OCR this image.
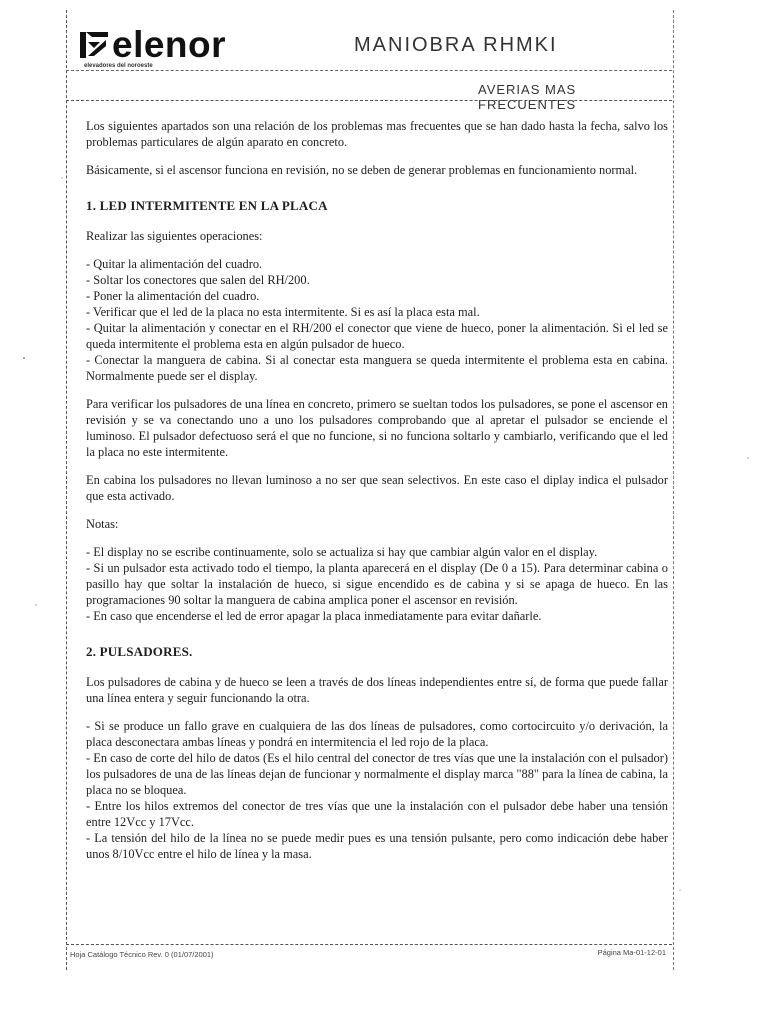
elenor
elevadores del noroeste
MANIOBRA RHMKI
AVERIAS MAS FRECUENTES

Los siguientes apartados son una relación de los problemas mas frecuentes que se han dado hasta la fecha, salvo los problemas particulares de algún aparato en concreto.

Básicamente, si el ascensor funciona en revisión, no se deben de generar problemas en funcionamiento normal.

1. LED INTERMITENTE EN LA PLACA

Realizar las siguientes operaciones:

- Quitar la alimentación del cuadro.
- Soltar los conectores que salen del RH/200.
- Poner la alimentación del cuadro.
- Verificar que el led de la placa no esta intermitente. Si es así la placa esta mal.
- Quitar la alimentación y conectar en el RH/200 el conector que viene de hueco, poner la alimentación. Si el led se queda intermitente el problema esta en algún pulsador de hueco.
- Conectar la manguera de cabina. Si al conectar esta manguera se queda intermitente el problema esta en cabina. Normalmente puede ser el display.

Para verificar los pulsadores de una línea en concreto, primero se sueltan todos los pulsadores, se pone el ascensor en revisión y se va conectando uno a uno los pulsadores comprobando que al apretar el pulsador se enciende el luminoso. El pulsador defectuoso será el que no funcione, si no funciona soltarlo y cambiarlo, verificando que el led la placa no este intermitente.

En cabina los pulsadores no llevan luminoso a no ser que sean selectivos. En este caso el diplay indica el pulsador que esta activado.

Notas:

- El display no se escribe continuamente, solo se actualiza si hay que cambiar algún valor en el display.
- Si un pulsador esta activado todo el tiempo, la planta aparecerá en el display (De 0 a 15). Para determinar cabina o pasillo hay que soltar la instalación de hueco, si sigue encendido es de cabina y si se apaga de hueco. En las programaciones 90 soltar la manguera de cabina amplica poner el ascensor en revisión.
- En caso que encenderse el led de error apagar la placa inmediatamente para evitar dañarle.
2. PULSADORES.

Los pulsadores de cabina y de hueco se leen a través de dos líneas independientes entre sí, de forma que puede fallar una línea entera y seguir funcionando la otra.

- Si se produce un fallo grave en cualquiera de las dos líneas de pulsadores, como cortocircuito y/o derivación, la placa desconectara ambas líneas y pondrá en intermitencia el led rojo de la placa.
- En caso de corte del hilo de datos (Es el hilo central del conector de tres vías que une la instalación con el pulsador) los pulsadores de una de las líneas dejan de funcionar y normalmente el display marca "88" para la línea de cabina, la placa no se bloquea.
- Entre los hilos extremos del conector de tres vías que une la instalación con el pulsador debe haber una tensión entre 12Vcc y 17Vcc.
- La tensión del hilo de la línea no se puede medir pues es una tensión pulsante, pero como indicación debe haber unos 8/10Vcc entre el hilo de línea y la masa.
Hoja Catálogo Técnico Rev. 0 (01/07/2001)	Página Ma-01-12-01
